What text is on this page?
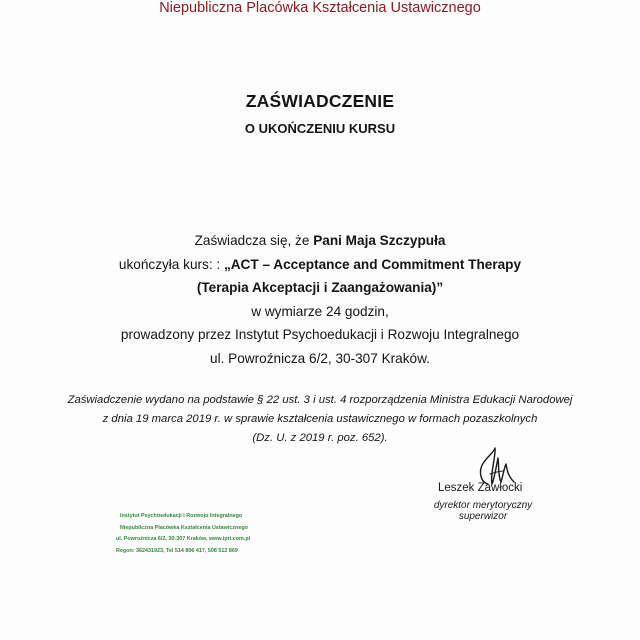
Niepubliczna Placówka Kształcenia Ustawicznego
ZAŚWIADCZENIE
O UKOŃCZENIU KURSU
Zaświadcza się, że Pani Maja Szczypuła
ukończyła kurs: : „ACT – Acceptance and Commitment Therapy
(Terapia Akceptacji i Zaangażowania)”
w wymiarze 24 godzin,
prowadzony przez Instytut Psychoedukacji i Rozwoju Integralnego
ul. Powroźnicza 6/2, 30-307 Kraków.
Zaświadczenie wydano na podstawie § 22 ust. 3 i ust. 4 rozporządzenia Ministra Edukacji Narodowej
z dnia 19 marca 2019 r. w sprawie kształcenia ustawicznego w formach pozaszkolnych
(Dz. U. z 2019 r. poz. 652).
Leszek Zawłocki
dyrektor merytoryczny
superwizor
Instytut Psychoedukacji i Rozwoju Integralnego
Niepubliczna Placówka Kształcenia Ustawicznego
ul. Powroźnicza 6/2, 30-307 Kraków, www.ipri.com.pl
Regon: 362431923, Tel 514 806 417, 508 512 869
